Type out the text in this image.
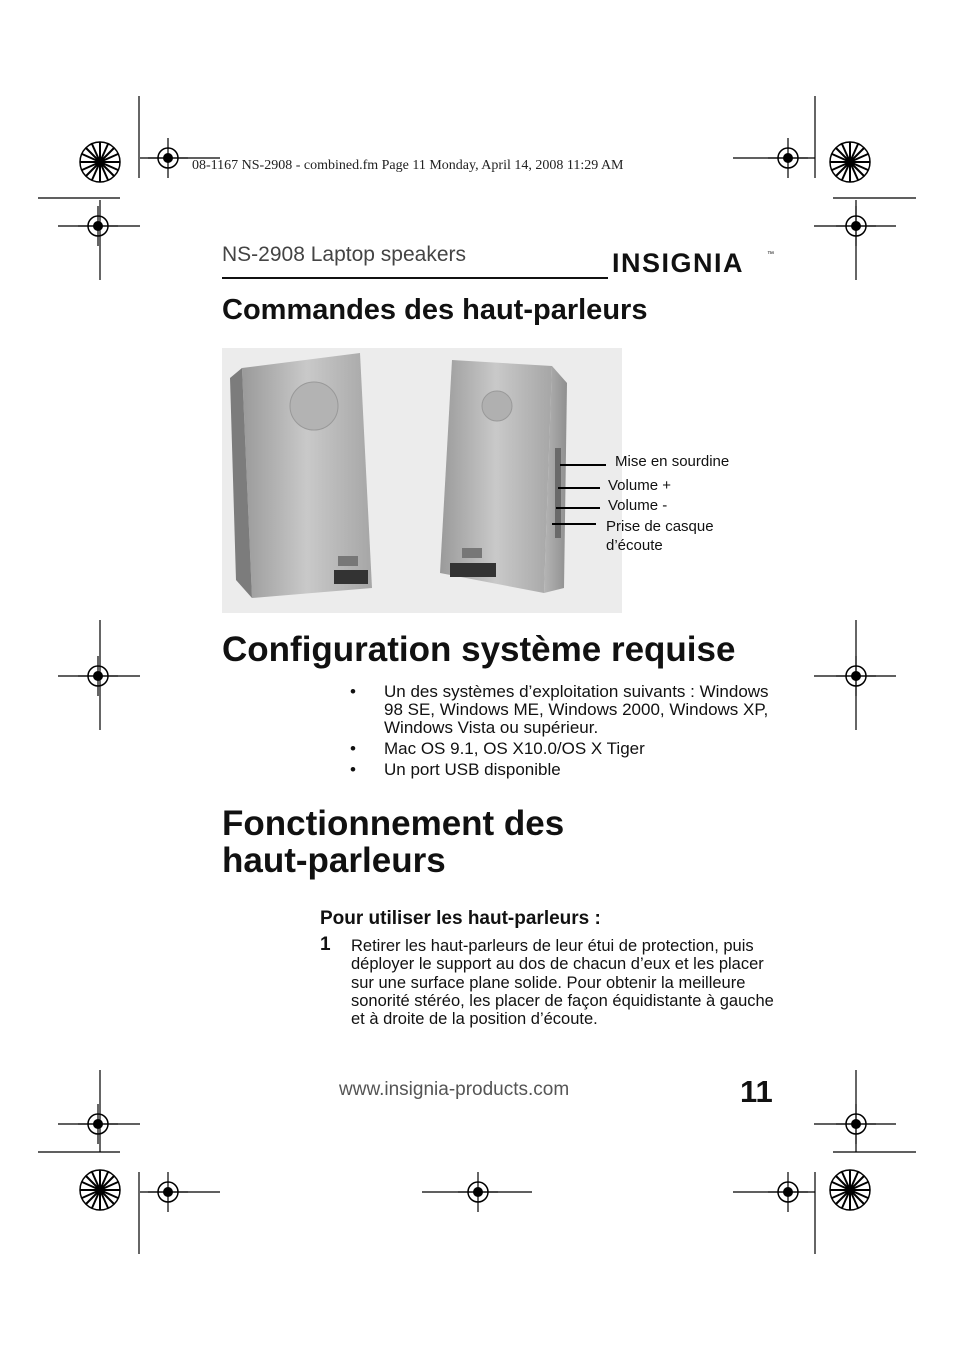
08-1167 NS-2908 - combined.fm Page 11 Monday, April 14, 2008 11:29 AM
NS-2908 Laptop speakers	INSIGNIA	™
Commandes des haut-parleurs
Mise en sourdine
Volume +
Volume -
Prise de casque
d’écoute
Configuration système requise
• Un des systèmes d’exploitation suivants : Windows 98 SE, Windows ME, Windows 2000, Windows XP, Windows Vista ou supérieur.
• Mac OS 9.1, OS X10.0/OS X Tiger
• Un port USB disponible
Fonctionnement des
haut-parleurs
Pour utiliser les haut-parleurs :
1 Retirer les haut-parleurs de leur étui de protection, puis déployer le support au dos de chacun d’eux et les placer sur une surface plane solide. Pour obtenir la meilleure sonorité stéréo, les placer de façon équidistante à gauche et à droite de la position d’écoute.
www.insignia-products.com	11
